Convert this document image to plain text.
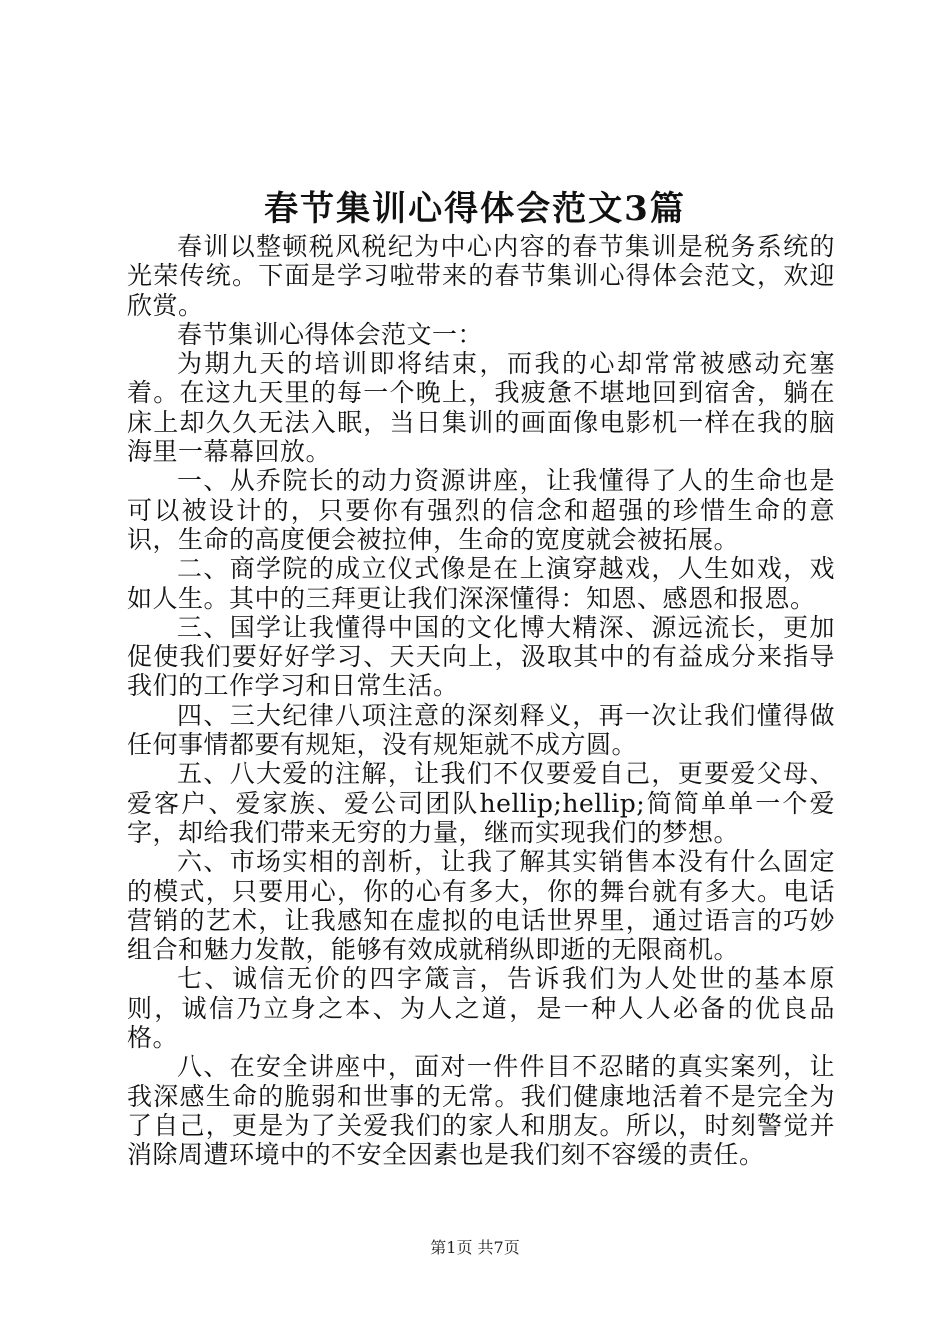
春节集训心得体会范文3篇

春训以整顿税风税纪为中心内容的春节集训是税务系统的光荣传统。下面是学习啦带来的春节集训心得体会范文，欢迎欣赏。

春节集训心得体会范文一：

为期九天的培训即将结束，而我的心却常常被感动充塞着。在这九天里的每一个晚上，我疲惫不堪地回到宿舍，躺在床上却久久无法入眠，当日集训的画面像电影机一样在我的脑海里一幕幕回放。

一、从乔院长的动力资源讲座，让我懂得了人的生命也是可以被设计的，只要你有强烈的信念和超强的珍惜生命的意识，生命的高度便会被拉伸，生命的宽度就会被拓展。

二、商学院的成立仪式像是在上演穿越戏，人生如戏，戏如人生。其中的三拜更让我们深深懂得：知恩、感恩和报恩。

三、国学让我懂得中国的文化博大精深、源远流长，更加促使我们要好好学习、天天向上，汲取其中的有益成分来指导我们的工作学习和日常生活。

四、三大纪律八项注意的深刻释义，再一次让我们懂得做任何事情都要有规矩，没有规矩就不成方圆。

五、八大爱的注解，让我们不仅要爱自己，更要爱父母、爱客户、爱家族、爱公司团队hellip;hellip;简简单单一个爱字，却给我们带来无穷的力量，继而实现我们的梦想。

六、市场实相的剖析，让我了解其实销售本没有什么固定的模式，只要用心，你的心有多大，你的舞台就有多大。电话营销的艺术，让我感知在虚拟的电话世界里，通过语言的巧妙组合和魅力发散，能够有效成就稍纵即逝的无限商机。

七、诚信无价的四字箴言，告诉我们为人处世的基本原则，诚信乃立身之本、为人之道，是一种人人必备的优良品格。

八、在安全讲座中，面对一件件目不忍睹的真实案列，让我深感生命的脆弱和世事的无常。我们健康地活着不是完全为了自己，更是为了关爱我们的家人和朋友。所以，时刻警觉并消除周遭环境中的不安全因素也是我们刻不容缓的责任。

第1页 共7页
